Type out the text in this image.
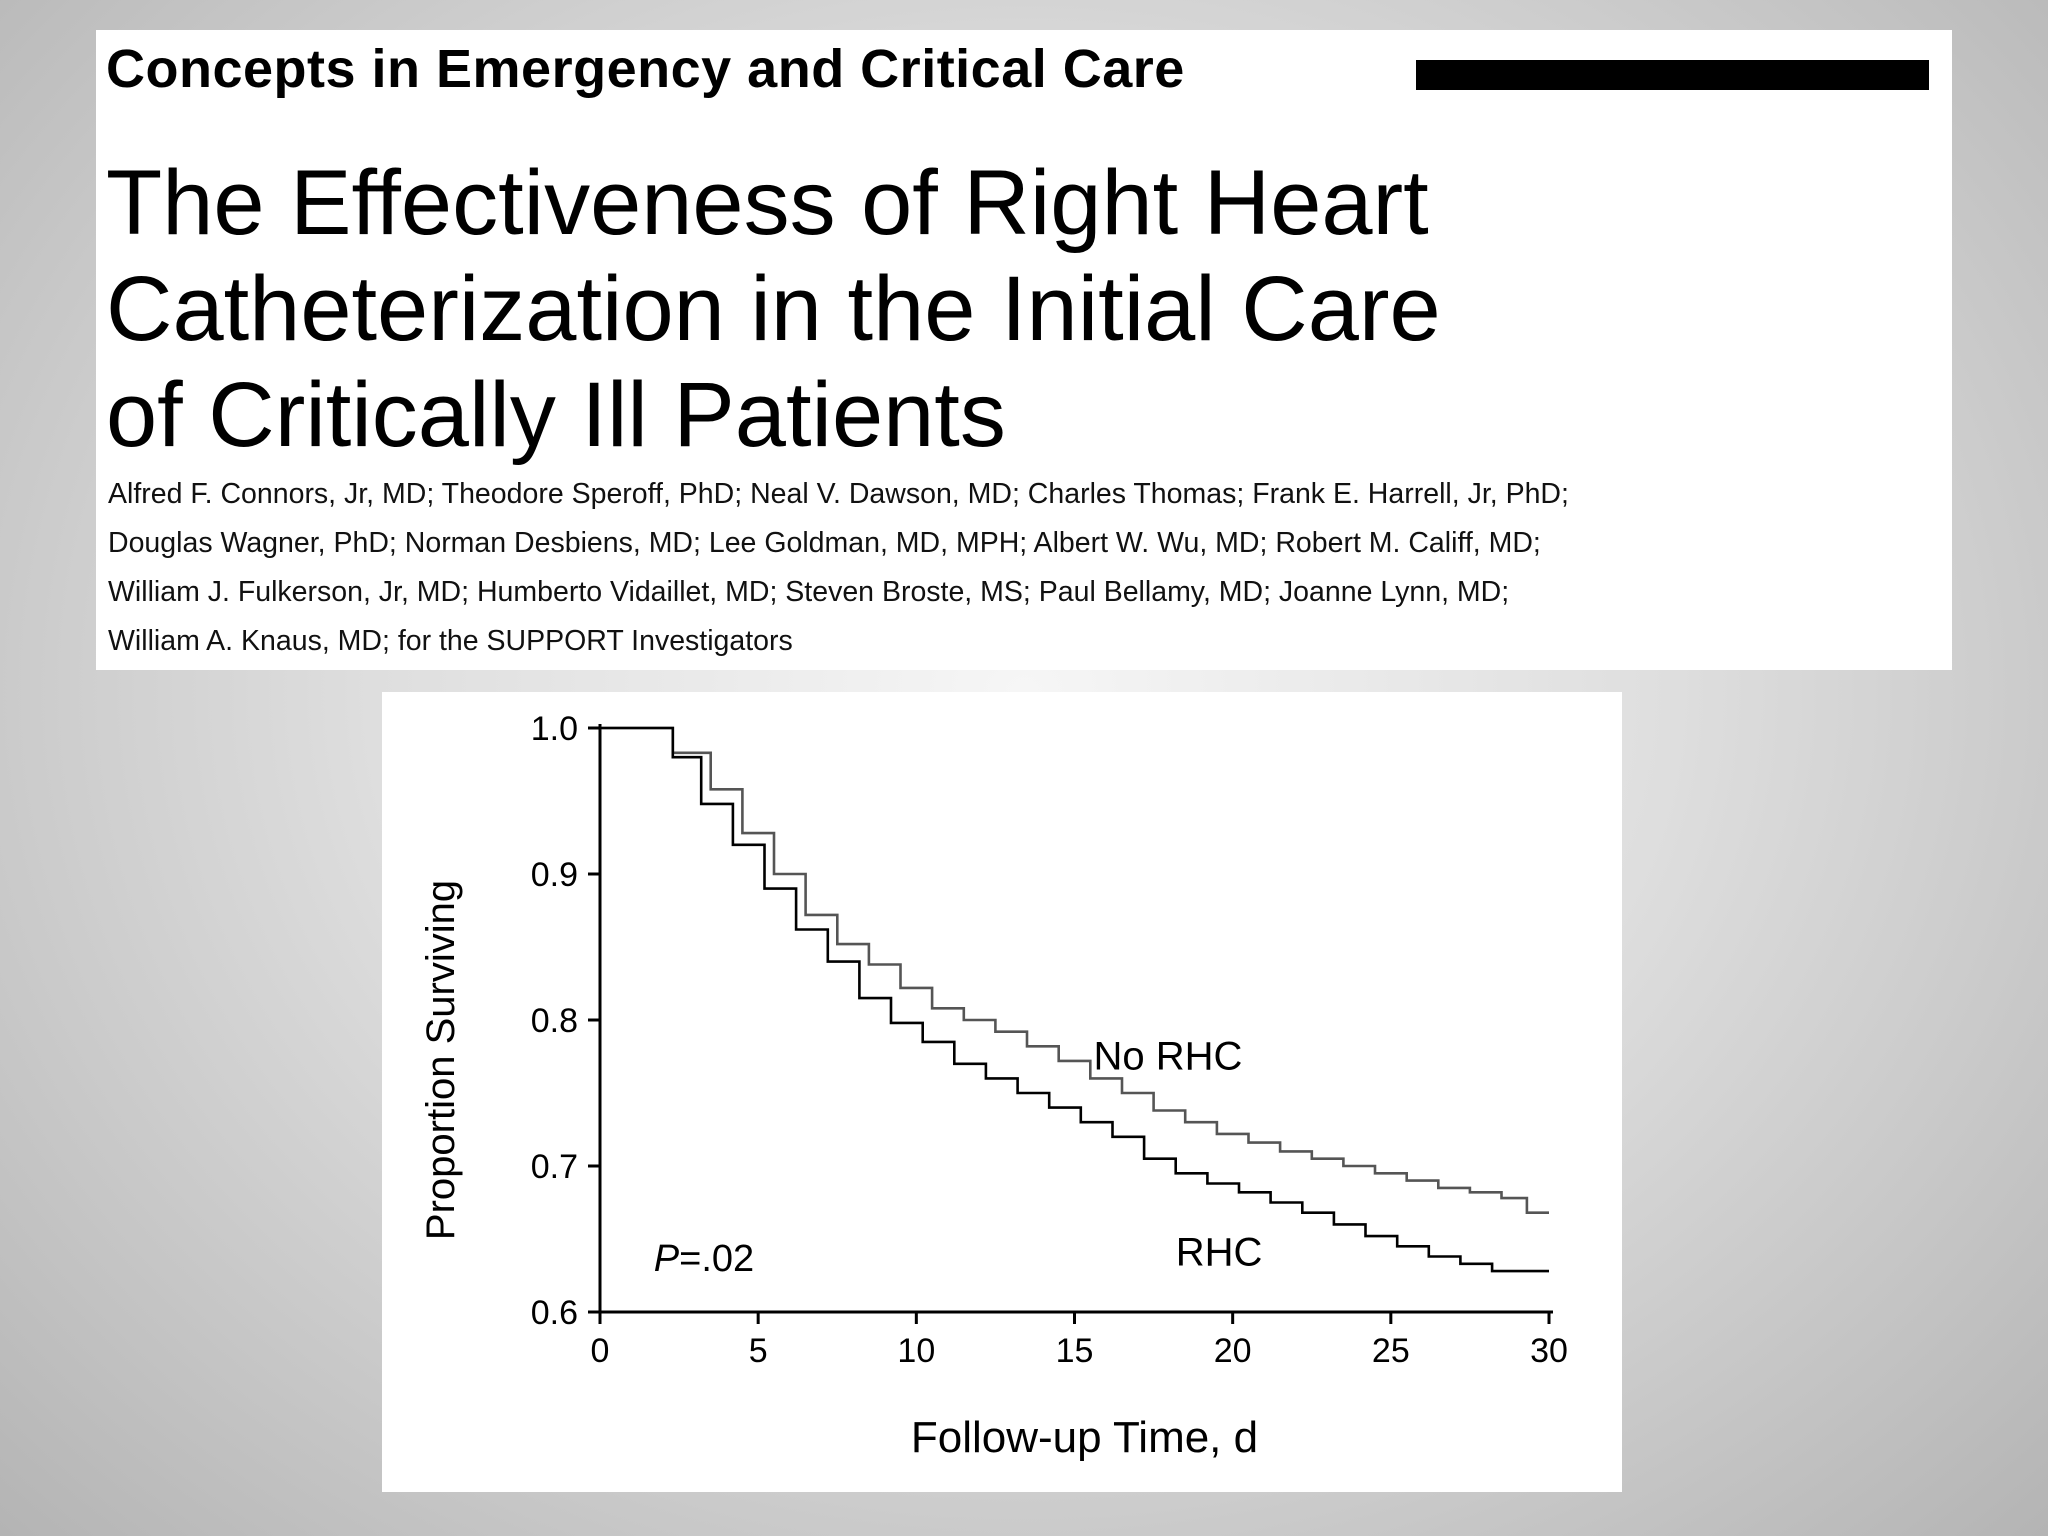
Concepts in Emergency and Critical Care
The Effectiveness of Right Heart
Catheterization in the Initial Care
of Critically Ill Patients
Alfred F. Connors, Jr, MD; Theodore Speroff, PhD; Neal V. Dawson, MD; Charles Thomas; Frank E. Harrell, Jr, PhD;
Douglas Wagner, PhD; Norman Desbiens, MD; Lee Goldman, MD, MPH; Albert W. Wu, MD; Robert M. Califf, MD;
William J. Fulkerson, Jr, MD; Humberto Vidaillet, MD; Steven Broste, MS; Paul Bellamy, MD; Joanne Lynn, MD;
William A. Knaus, MD; for the SUPPORT Investigators
0.6
0.7
0.8
0.9
1.0
0	5	10	15	20	25	30
Follow-up Time, d
Proportion Surviving	No RHC
RHC
P=.02
